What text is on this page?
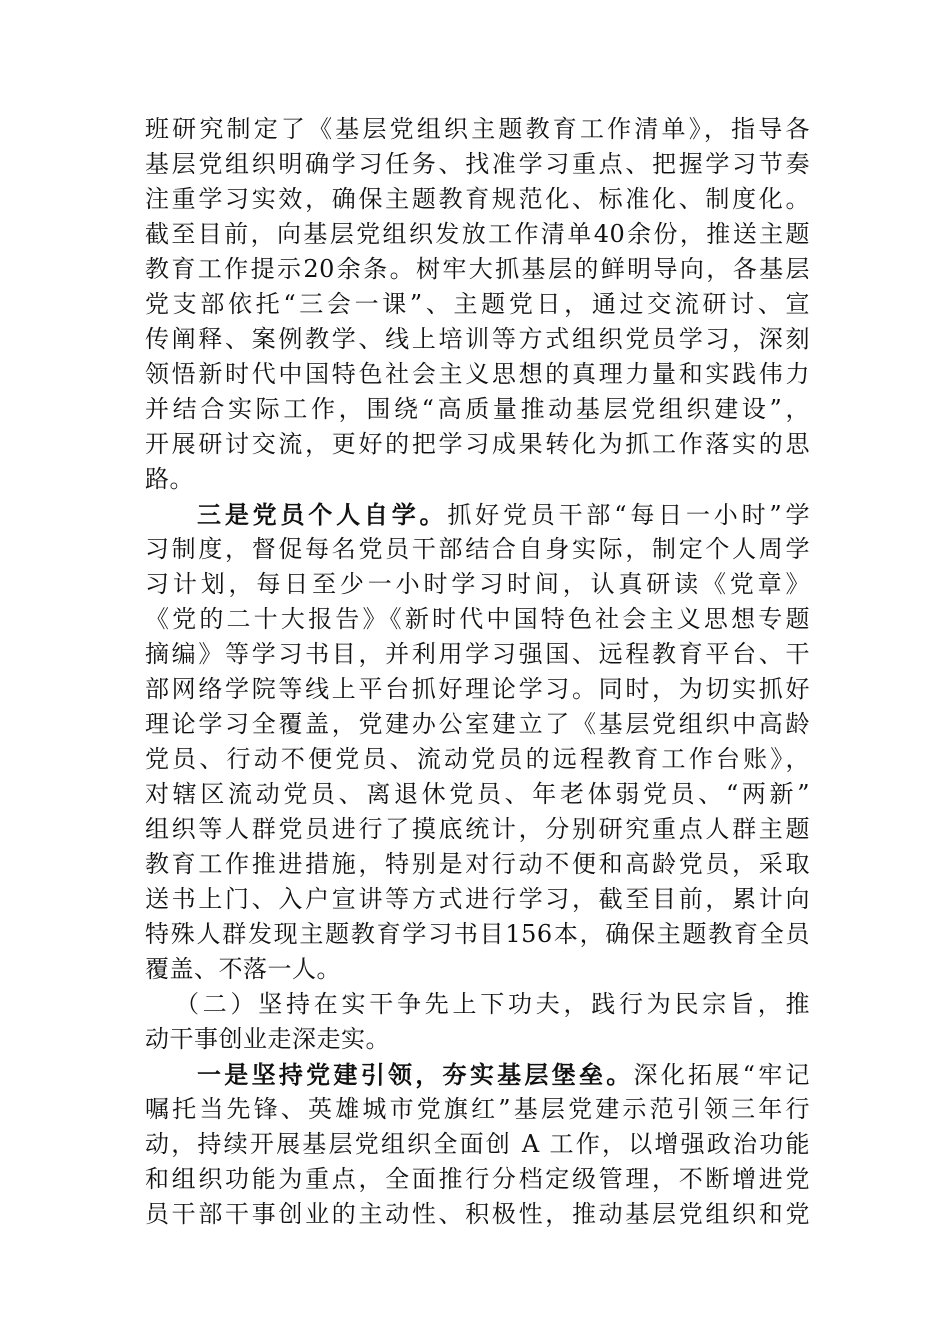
班研究制定了《基层党组织主题教育工作清单》，指导各
基层党组织明确学习任务、找准学习重点、把握学习节奏
注重学习实效，确保主题教育规范化、标准化、制度化。
截至目前，向基层党组织发放工作清单40余份，推送主题
教育工作提示20余条。树牢大抓基层的鲜明导向，各基层
党支部依托“三会一课”、主题党日，通过交流研讨、宣
传阐释、案例教学、线上培训等方式组织党员学习，深刻
领悟新时代中国特色社会主义思想的真理力量和实践伟力
并结合实际工作，围绕“高质量推动基层党组织建设”，
开展研讨交流，更好的把学习成果转化为抓工作落实的思
路。
三是党员个人自学。抓好党员干部“每日一小时”学
习制度，督促每名党员干部结合自身实际，制定个人周学
习计划，每日至少一小时学习时间，认真研读《党章》
《党的二十大报告》《新时代中国特色社会主义思想专题
摘编》等学习书目，并利用学习强国、远程教育平台、干
部网络学院等线上平台抓好理论学习。同时，为切实抓好
理论学习全覆盖，党建办公室建立了《基层党组织中高龄
党员、行动不便党员、流动党员的远程教育工作台账》，
对辖区流动党员、离退休党员、年老体弱党员、“两新”
组织等人群党员进行了摸底统计，分别研究重点人群主题
教育工作推进措施，特别是对行动不便和高龄党员，采取
送书上门、入户宣讲等方式进行学习，截至目前，累计向
特殊人群发现主题教育学习书目156本，确保主题教育全员
覆盖、不落一人。
（二）坚持在实干争先上下功夫，践行为民宗旨，推
动干事创业走深走实。
一是坚持党建引领，夯实基层堡垒。深化拓展“牢记
嘱托当先锋、英雄城市党旗红”基层党建示范引领三年行
动，持续开展基层党组织全面创 A 工作，以增强政治功能
和组织功能为重点，全面推行分档定级管理，不断增进党
员干部干事创业的主动性、积极性，推动基层党组织和党
